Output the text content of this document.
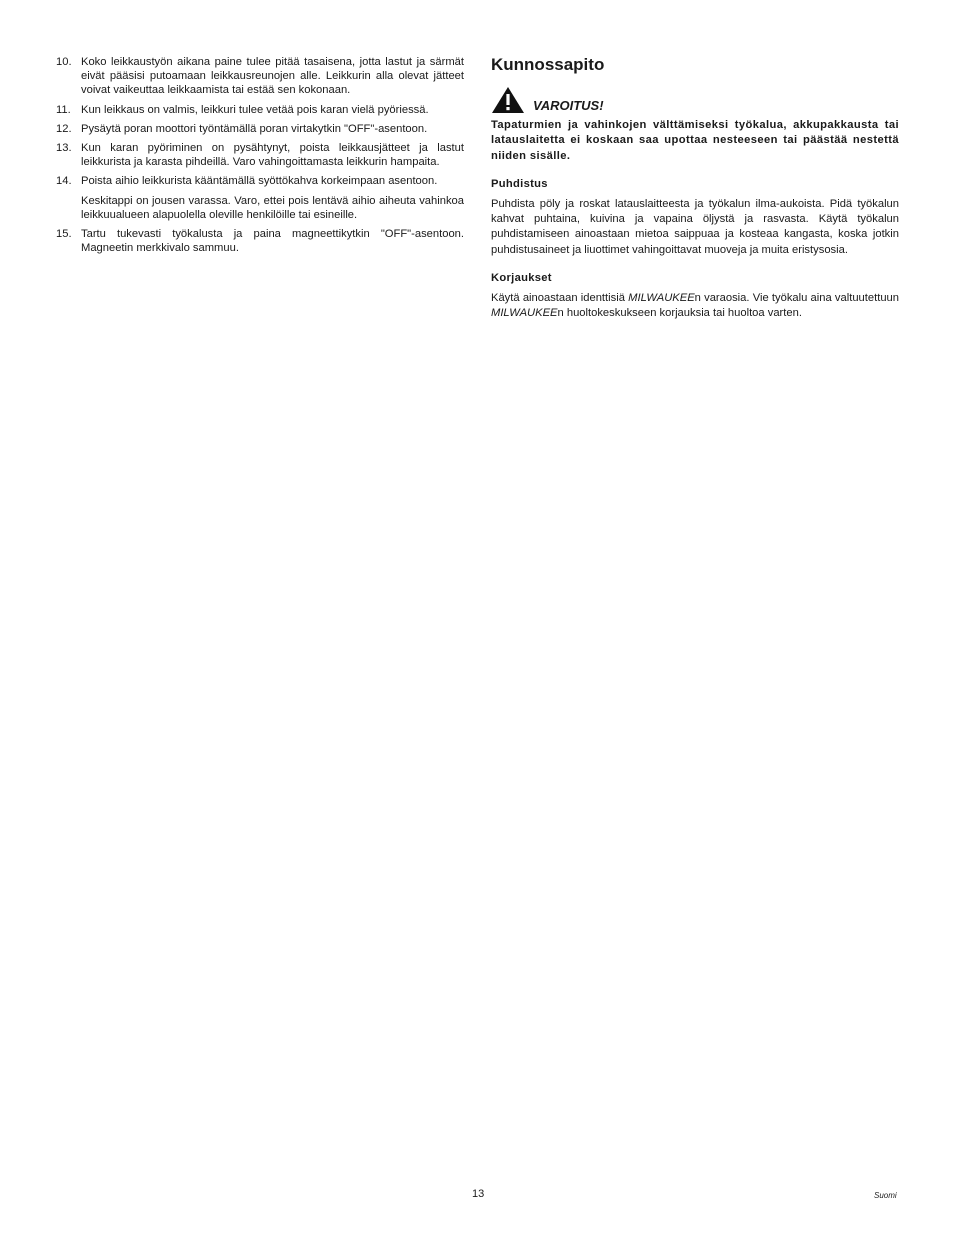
10. Koko leikkaustyön aikana paine tulee pitää tasaisena, jotta lastut ja särmät eivät pääsisi putoamaan leikkausreunojen alle. Leikkurin alla olevat jätteet voivat vaikeuttaa leikkaamista tai estää sen kokonaan.

11. Kun leikkaus on valmis, leikkuri tulee vetää pois karan vielä pyöriessä.

12. Pysäytä poran moottori työntämällä poran virtakytkin "OFF"-asentoon.

13. Kun karan pyöriminen on pysähtynyt, poista leikkausjätteet ja lastut leikkurista ja karasta pihdeillä. Varo vahingoittamasta leikkurin hampaita.

14. Poista aihio leikkurista kääntämällä syöttökahva korkeimpaan asentoon.

Keskitappi on jousen varassa. Varo, ettei pois lentävä aihio aiheuta vahinkoa leikkuualueen alapuolella oleville henkilöille tai esineille.

15. Tartu tukevasti työkalusta ja paina magneettikytkin "OFF"-asentoon. Magneetin merkkivalo sammuu.

Kunnossapito
VAROITUS!

Tapaturmien ja vahinkojen välttämiseksi työkalua, akkupakkausta tai latauslaitetta ei koskaan saa upottaa nesteeseen tai päästää nestettä niiden sisälle.

Puhdistus

Puhdista pöly ja roskat latauslaitteesta ja työkalun ilma-aukoista. Pidä työkalun kahvat puhtaina, kuivina ja vapaina öljystä ja rasvasta. Käytä työkalun puhdistamiseen ainoastaan mietoa saippuaa ja kosteaa kangasta, koska jotkin puhdistusaineet ja liuottimet vahingoittavat muoveja ja muita eristysosia.

Korjaukset

Käytä ainoastaan identtisiä MILWAUKEEn varaosia. Vie työkalu aina valtuutettuun MILWAUKEEn huoltokeskukseen korjauksia tai huoltoa varten.

13	Suomi
